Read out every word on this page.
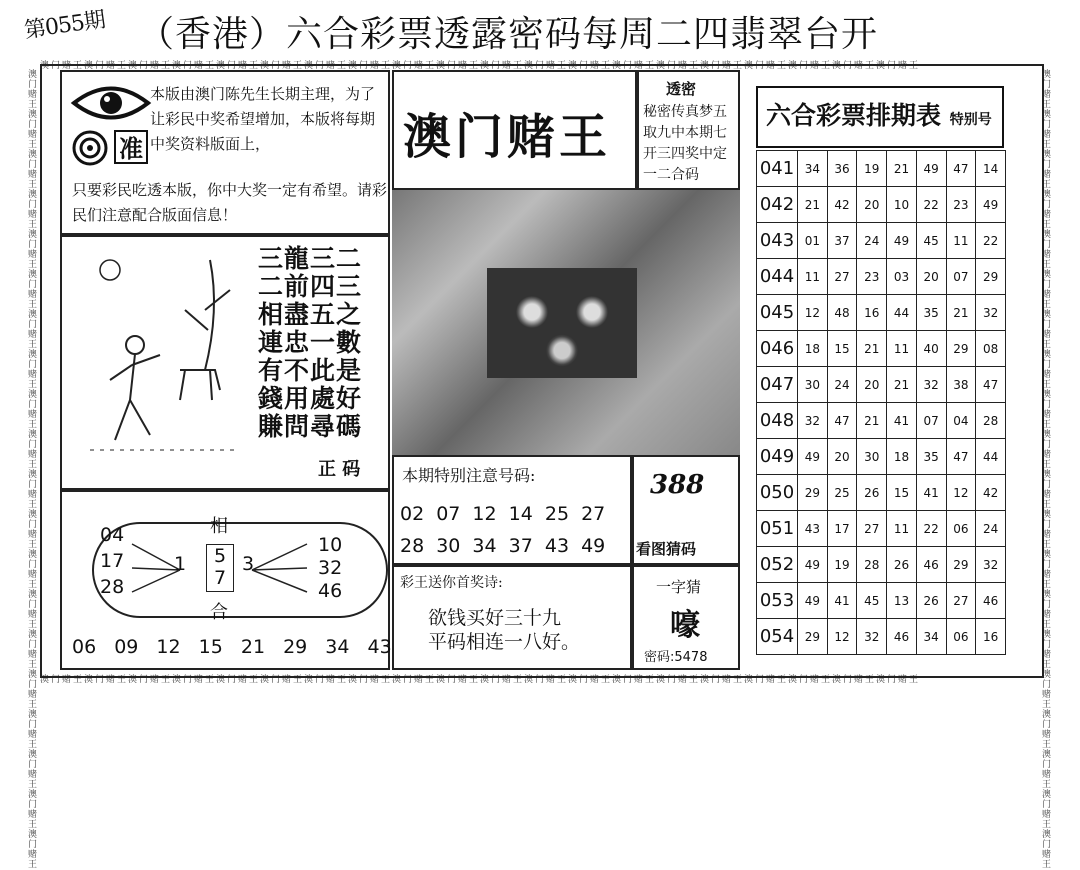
第055期 （香港）六合彩票透露密码每周二四翡翠台开
澳门赌王澳门赌王澳门赌王澳门赌王澳门赌王澳门赌王澳门赌王澳门赌王澳门赌王澳门赌王澳门赌王澳门赌王澳门赌王澳门赌王澳门赌王澳门赌王澳门赌王澳门赌王澳门赌王澳门赌王
澳门赌王澳门赌王澳门赌王澳门赌王澳门赌王澳门赌王澳门赌王澳门赌王澳门赌王澳门赌王澳门赌王澳门赌王澳门赌王澳门赌王澳门赌王澳门赌王澳门赌王澳门赌王澳门赌王澳门赌王
澳门赌王澳门赌王澳门赌王澳门赌王澳门赌王澳门赌王澳门赌王澳门赌王澳门赌王澳门赌王澳门赌王澳门赌王澳门赌王澳门赌王澳门赌王澳门赌王澳门赌王澳门赌王澳门赌王澳门赌王
澳门赌王澳门赌王澳门赌王澳门赌王澳门赌王澳门赌王澳门赌王澳门赌王澳门赌王澳门赌王澳门赌王澳门赌王澳门赌王澳门赌王澳门赌王澳门赌王澳门赌王澳门赌王澳门赌王澳门赌王
准
本版由澳门陈先生长期主理，为了让彩民中奖希望增加，本版将每期中奖资料版面上，
只要彩民吃透本版，你中大奖一定有希望。请彩民们注意配合版面信息！
三龍三二
二前四三
相盡五之
連忠一數
有不此是
錢用處好
賺問尋碼
正 码
相
合
04
17
28
1	5
7
3
10
32
46
06 09 12 15 21 29 34 43
澳门赌王
透密
秘密传真梦五取九中本期七开三四奖中定一二合码
本期特别注意号码:
02 07 12 14 25 27
28 30 34 37 43 49
388
看图猜码
彩王送你首奖诗:
欲钱买好三十九
平码相连一八好。
一字猜
嚎
密码:5478
六合彩票排期表 特别号
041	34	36	19	21	49	47	14
042	21	42	20	10	22	23	49
043	01	37	24	49	45	11	22
044	11	27	23	03	20	07	29
045	12	48	16	44	35	21	32
046	18	15	21	11	40	29	08
047	30	24	20	21	32	38	47
048	32	47	21	41	07	04	28
049	49	20	30	18	35	47	44
050	29	25	26	15	41	12	42
051	43	17	27	11	22	06	24
052	49	19	28	26	46	29	32
053	49	41	45	13	26	27	46
054	29	12	32	46	34	06	16
